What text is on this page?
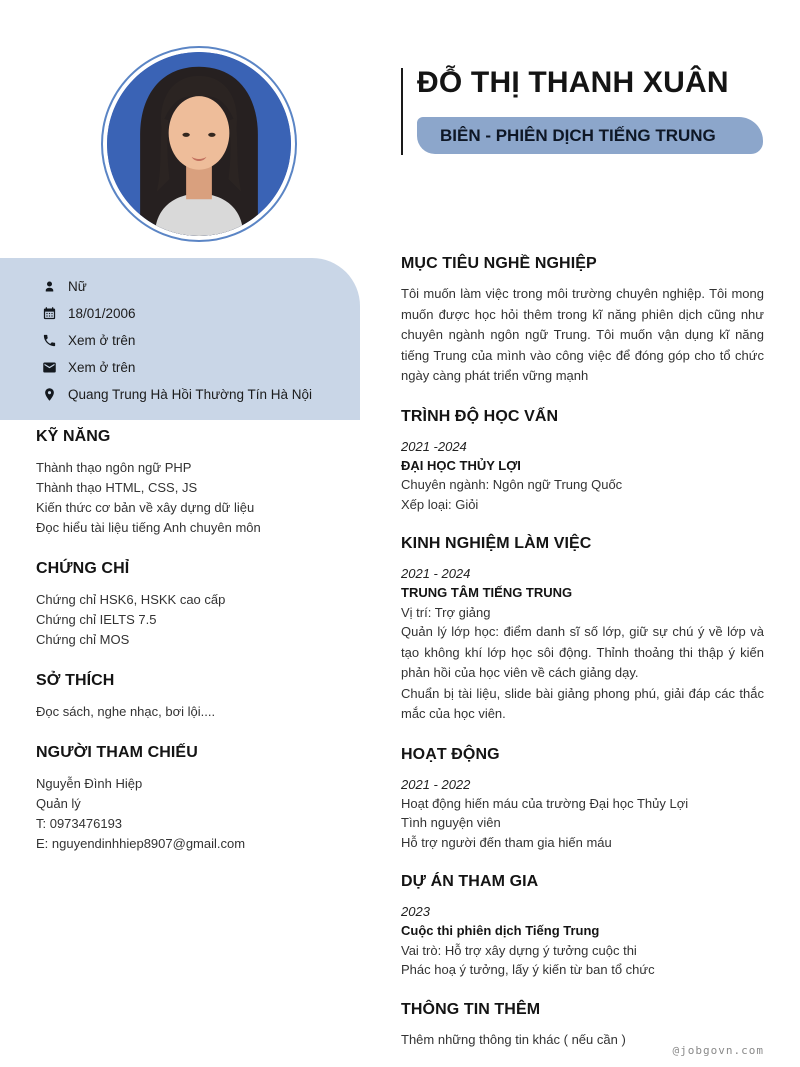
ĐỖ THỊ THANH XUÂN
BIÊN - PHIÊN DỊCH TIẾNG TRUNG
Nữ
18/01/2006
Xem ở trên
Xem ở trên
Quang Trung Hà Hồi Thường Tín Hà Nội
KỸ NĂNG
Thành thạo ngôn ngữ PHP
Thành thạo HTML, CSS, JS
Kiến thức cơ bản về xây dựng dữ liệu
Đọc hiểu tài liệu tiếng Anh chuyên môn
CHỨNG CHỈ
Chứng chỉ HSK6, HSKK cao cấp
Chứng chỉ IELTS 7.5
Chứng chỉ MOS
SỞ THÍCH
Đọc sách, nghe nhạc, bơi lội....
NGƯỜI THAM CHIẾU
Nguyễn Đình Hiệp
Quản lý
T: 0973476193
E: nguyendinhhiep8907@gmail.com
MỤC TIÊU NGHỀ NGHIỆP

Tôi muốn làm việc trong môi trường chuyên nghiệp. Tôi mong muốn được học hỏi thêm trong kĩ năng phiên dịch cũng như chuyên ngành ngôn ngữ Trung. Tôi muốn vận dụng kĩ năng tiếng Trung của mình vào công việc để đóng góp cho tổ chức ngày càng phát triển vững mạnh

TRÌNH ĐỘ HỌC VẤN
2021 -2024
ĐẠI HỌC THỦY LỢI
Chuyên ngành: Ngôn ngữ Trung Quốc
Xếp loại: Giỏi
KINH NGHIỆM LÀM VIỆC
2021 - 2024
TRUNG TÂM TIẾNG TRUNG
Vị trí: Trợ giảng

Quản lý lớp học: điểm danh sĩ số lớp, giữ sự chú ý về lớp và tạo không khí lớp học sôi động. Thỉnh thoảng thi thập ý kiến phản hồi của học viên về cách giảng dạy.

Chuẩn bị tài liệu, slide bài giảng phong phú, giải đáp các thắc mắc của học viên.

HOẠT ĐỘNG
2021 - 2022
Hoạt động hiến máu của trường Đại học Thủy Lợi
Tình nguyện viên
Hỗ trợ người đến tham gia hiến máu
DỰ ÁN THAM GIA
2023
Cuộc thi phiên dịch Tiếng Trung
Vai trò: Hỗ trợ xây dựng ý tưởng cuộc thi
Phác hoạ ý tưởng, lấy ý kiến từ ban tổ chức
THÔNG TIN THÊM
Thêm những thông tin khác ( nếu cần )
@jobgovn.com
